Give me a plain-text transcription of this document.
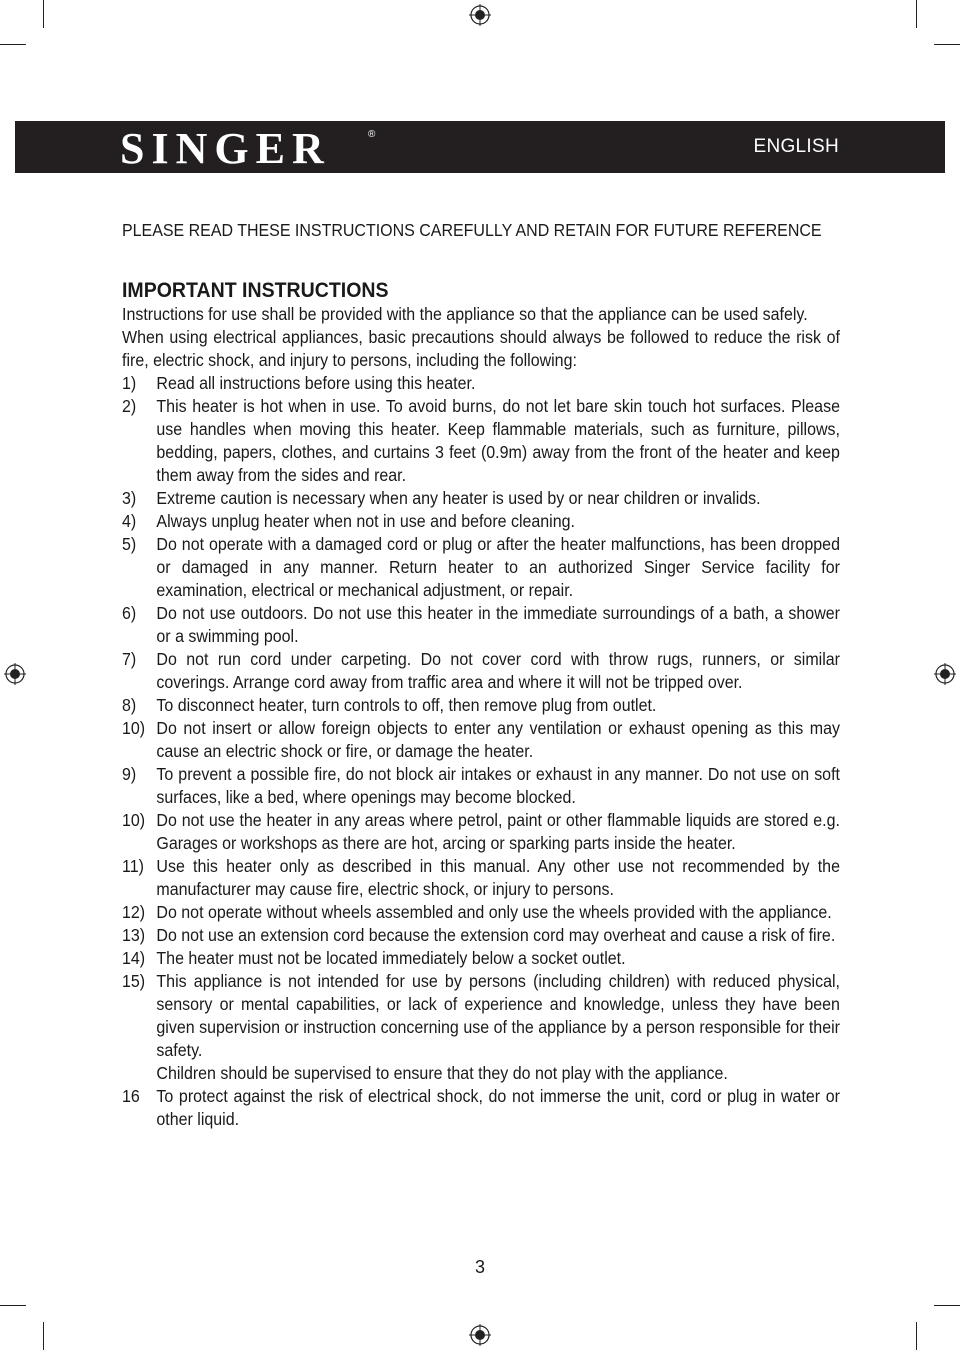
SINGER	®
ENGLISH

PLEASE READ THESE INSTRUCTIONS CAREFULLY AND RETAIN FOR FUTURE REFERENCE

IMPORTANT INSTRUCTIONS

Instructions for use shall be provided with the appliance so that the appliance can be used safely.

When using electrical appliances, basic precautions should always be followed to reduce the risk of fire, electric shock, and injury to persons, including the following:

1) Read all instructions before using this heater.
2) This heater is hot when in use. To avoid burns, do not let bare skin touch hot surfaces. Please use handles when moving this heater. Keep flammable materials, such as furniture, pillows, bedding, papers, clothes, and curtains 3 feet (0.9m) away from the front of the heater and keep them away from the sides and rear.
3) Extreme caution is necessary when any heater is used by or near children or invalids.
4) Always unplug heater when not in use and before cleaning.
5) Do not operate with a damaged cord or plug or after the heater malfunctions, has been dropped or damaged in any manner. Return heater to an authorized Singer Service facility for examination, electrical or mechanical adjustment, or repair.
6) Do not use outdoors. Do not use this heater in the immediate surroundings of a bath, a shower or a swimming pool.
7) Do not run cord under carpeting. Do not cover cord with throw rugs, runners, or similar coverings. Arrange cord away from traffic area and where it will not be tripped over.
8) To disconnect heater, turn controls to off, then remove plug from outlet.
10) Do not insert or allow foreign objects to enter any ventilation or exhaust opening as this may cause an electric shock or fire, or damage the heater.
9) To prevent a possible fire, do not block air intakes or exhaust in any manner. Do not use on soft surfaces, like a bed, where openings may become blocked.
10) Do not use the heater in any areas where petrol, paint or other flammable liquids are stored e.g. Garages or workshops as there are hot, arcing or sparking parts inside the heater.
11) Use this heater only as described in this manual. Any other use not recommended by the manufacturer may cause fire, electric shock, or injury to persons.
12) Do not operate without wheels assembled and only use the wheels provided with the appliance.
13) Do not use an extension cord because the extension cord may overheat and cause a risk of fire.
14) The heater must not be located immediately below a socket outlet.
15) This appliance is not intended for use by persons (including children) with reduced physical, sensory or mental capabilities, or lack of experience and knowledge, unless they have been given supervision or instruction concerning use of the appliance by a person responsible for their safety.
Children should be supervised to ensure that they do not play with the appliance.
16 To protect against the risk of electrical shock, do not immerse the unit, cord or plug in water or other liquid.
3
